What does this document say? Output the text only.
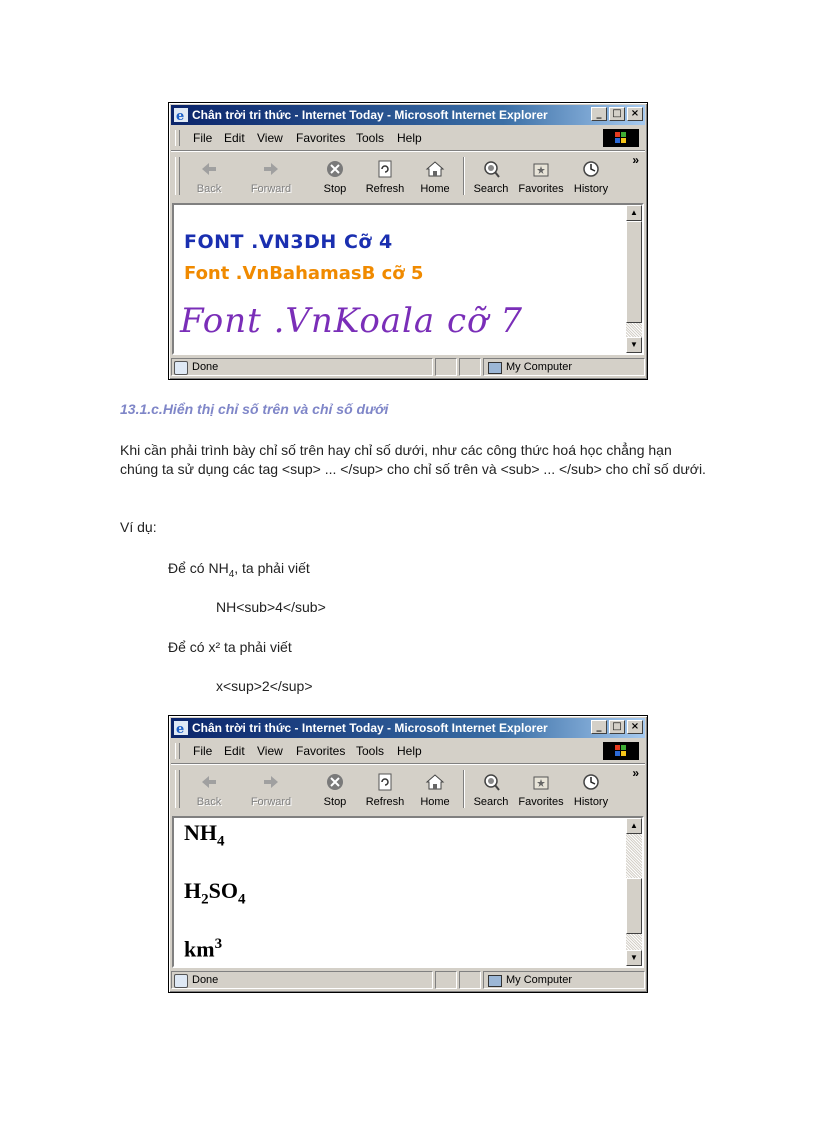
e Chân trời tri thức - Internet Today - Microsoft Internet Explorer	_	□ ×
File Edit View Favorites Tools Help
Back	Forward	Stop	Refresh	Home	Search Favorites History
»
FONT .VN3DH Cỡ 4
Font .VnBahamasB cỡ 5
Font .VnKoala cỡ 7
▲
▼
Done	My Computer
13.1.c.Hiển thị chỉ số trên và chỉ số dưới
Khi cần phải trình bày chỉ số trên hay chỉ số dưới, như các công thức hoá học chẳng hạn chúng ta sử dụng các tag <sup> ... </sup> cho chỉ số trên và <sub> ... </sub> cho chỉ số dưới.
Ví dụ:
Để có $NH_4$, ta phải viết
NH<sub>4</sub>
Để có x² ta phải viết
x<sup>2</sup>
e Chân trời tri thức - Internet Today - Microsoft Internet Explorer	_	□ ×
File Edit View Favorites Tools Help
Back	Forward	Stop	Refresh	Home	Search Favorites History
»
$NH_4$
$H_2SO_4$
$km^3$
▲
▼
Done	My Computer
